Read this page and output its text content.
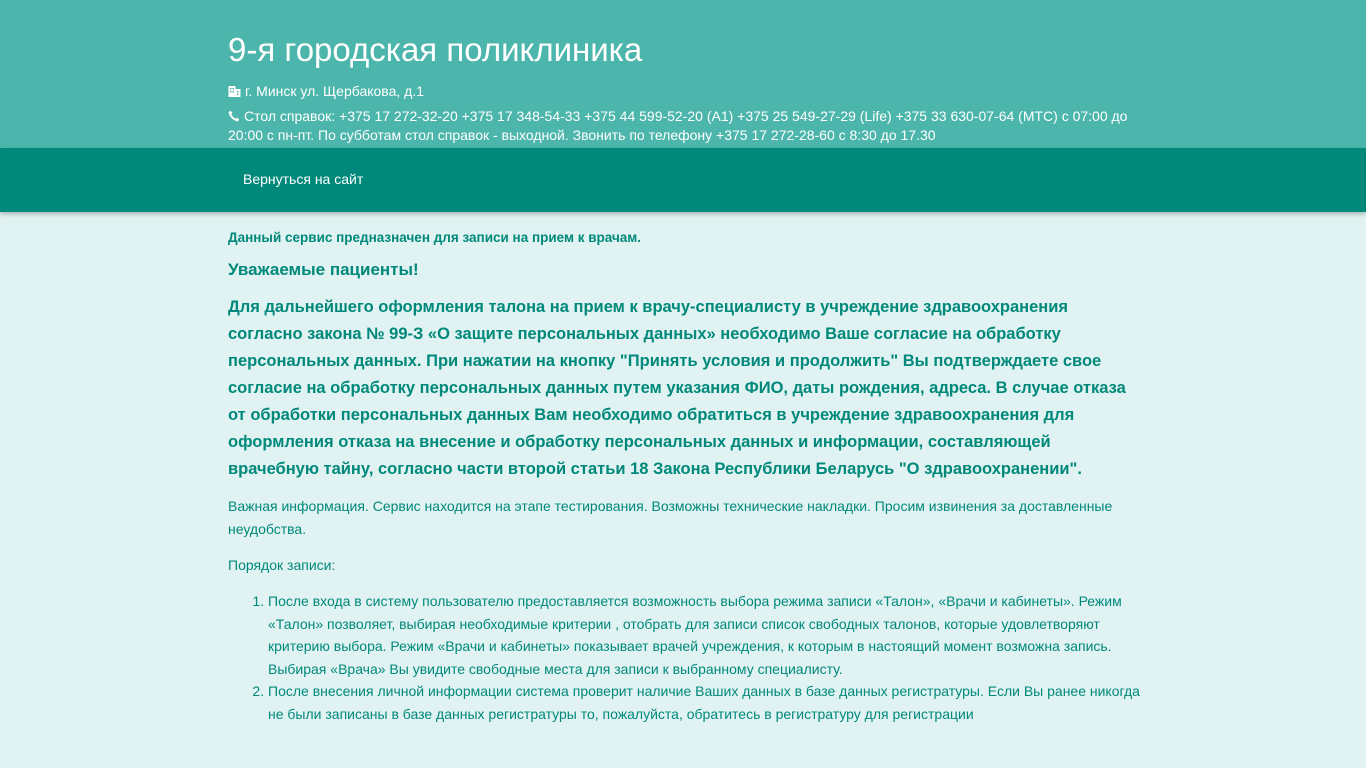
9-я городская поликлиника
г. Минск ул. Щербакова, д.1
Стол справок: +375 17 272-32-20 +375 17 348-54-33 +375 44 599-52-20 (А1) +375 25 549-27-29 (Life) +375 33 630-07-64 (МТС) с 07:00 до 20:00 с пн-пт. По субботам стол справок - выходной. Звонить по телефону +375 17 272-28-60 с 8:30 до 17.30
Вернуться на сайт

Данный сервис предназначен для записи на прием к врачам.

Уважаемые пациенты!

Для дальнейшего оформления талона на прием к врачу-специалисту в учреждение здравоохранения согласно закона № 99-З «О защите персональных данных» необходимо Ваше согласие на обработку персональных данных. При нажатии на кнопку "Принять условия и продолжить" Вы подтверждаете свое согласие на обработку персональных данных путем указания ФИО, даты рождения, адреса. В случае отказа от обработки персональных данных Вам необходимо обратиться в учреждение здравоохранения для оформления отказа на внесение и обработку персональных данных и информации, составляющей врачебную тайну, согласно части второй статьи 18 Закона Республики Беларусь "О здравоохранении".

Важная информация. Сервис находится на этапе тестирования. Возможны технические накладки. Просим извинения за доставленные неудобства.

Порядок записи:

1. После входа в систему пользователю предоставляется возможность выбора режима записи «Талон», «Врачи и кабинеты». Режим «Талон» позволяет, выбирая необходимые критерии , отобрать для записи список свободных талонов, которые удовлетворяют критерию выбора. Режим «Врачи и кабинеты» показывает врачей учреждения, к которым в настоящий момент возможна запись. Выбирая «Врача» Вы увидите свободные места для записи к выбранному специалисту.
2. После внесения личной информации система проверит наличие Ваших данных в базе данных регистратуры. Если Вы ранее никогда не были записаны в базе данных регистратуры то, пожалуйста, обратитесь в регистратуру для регистрации
